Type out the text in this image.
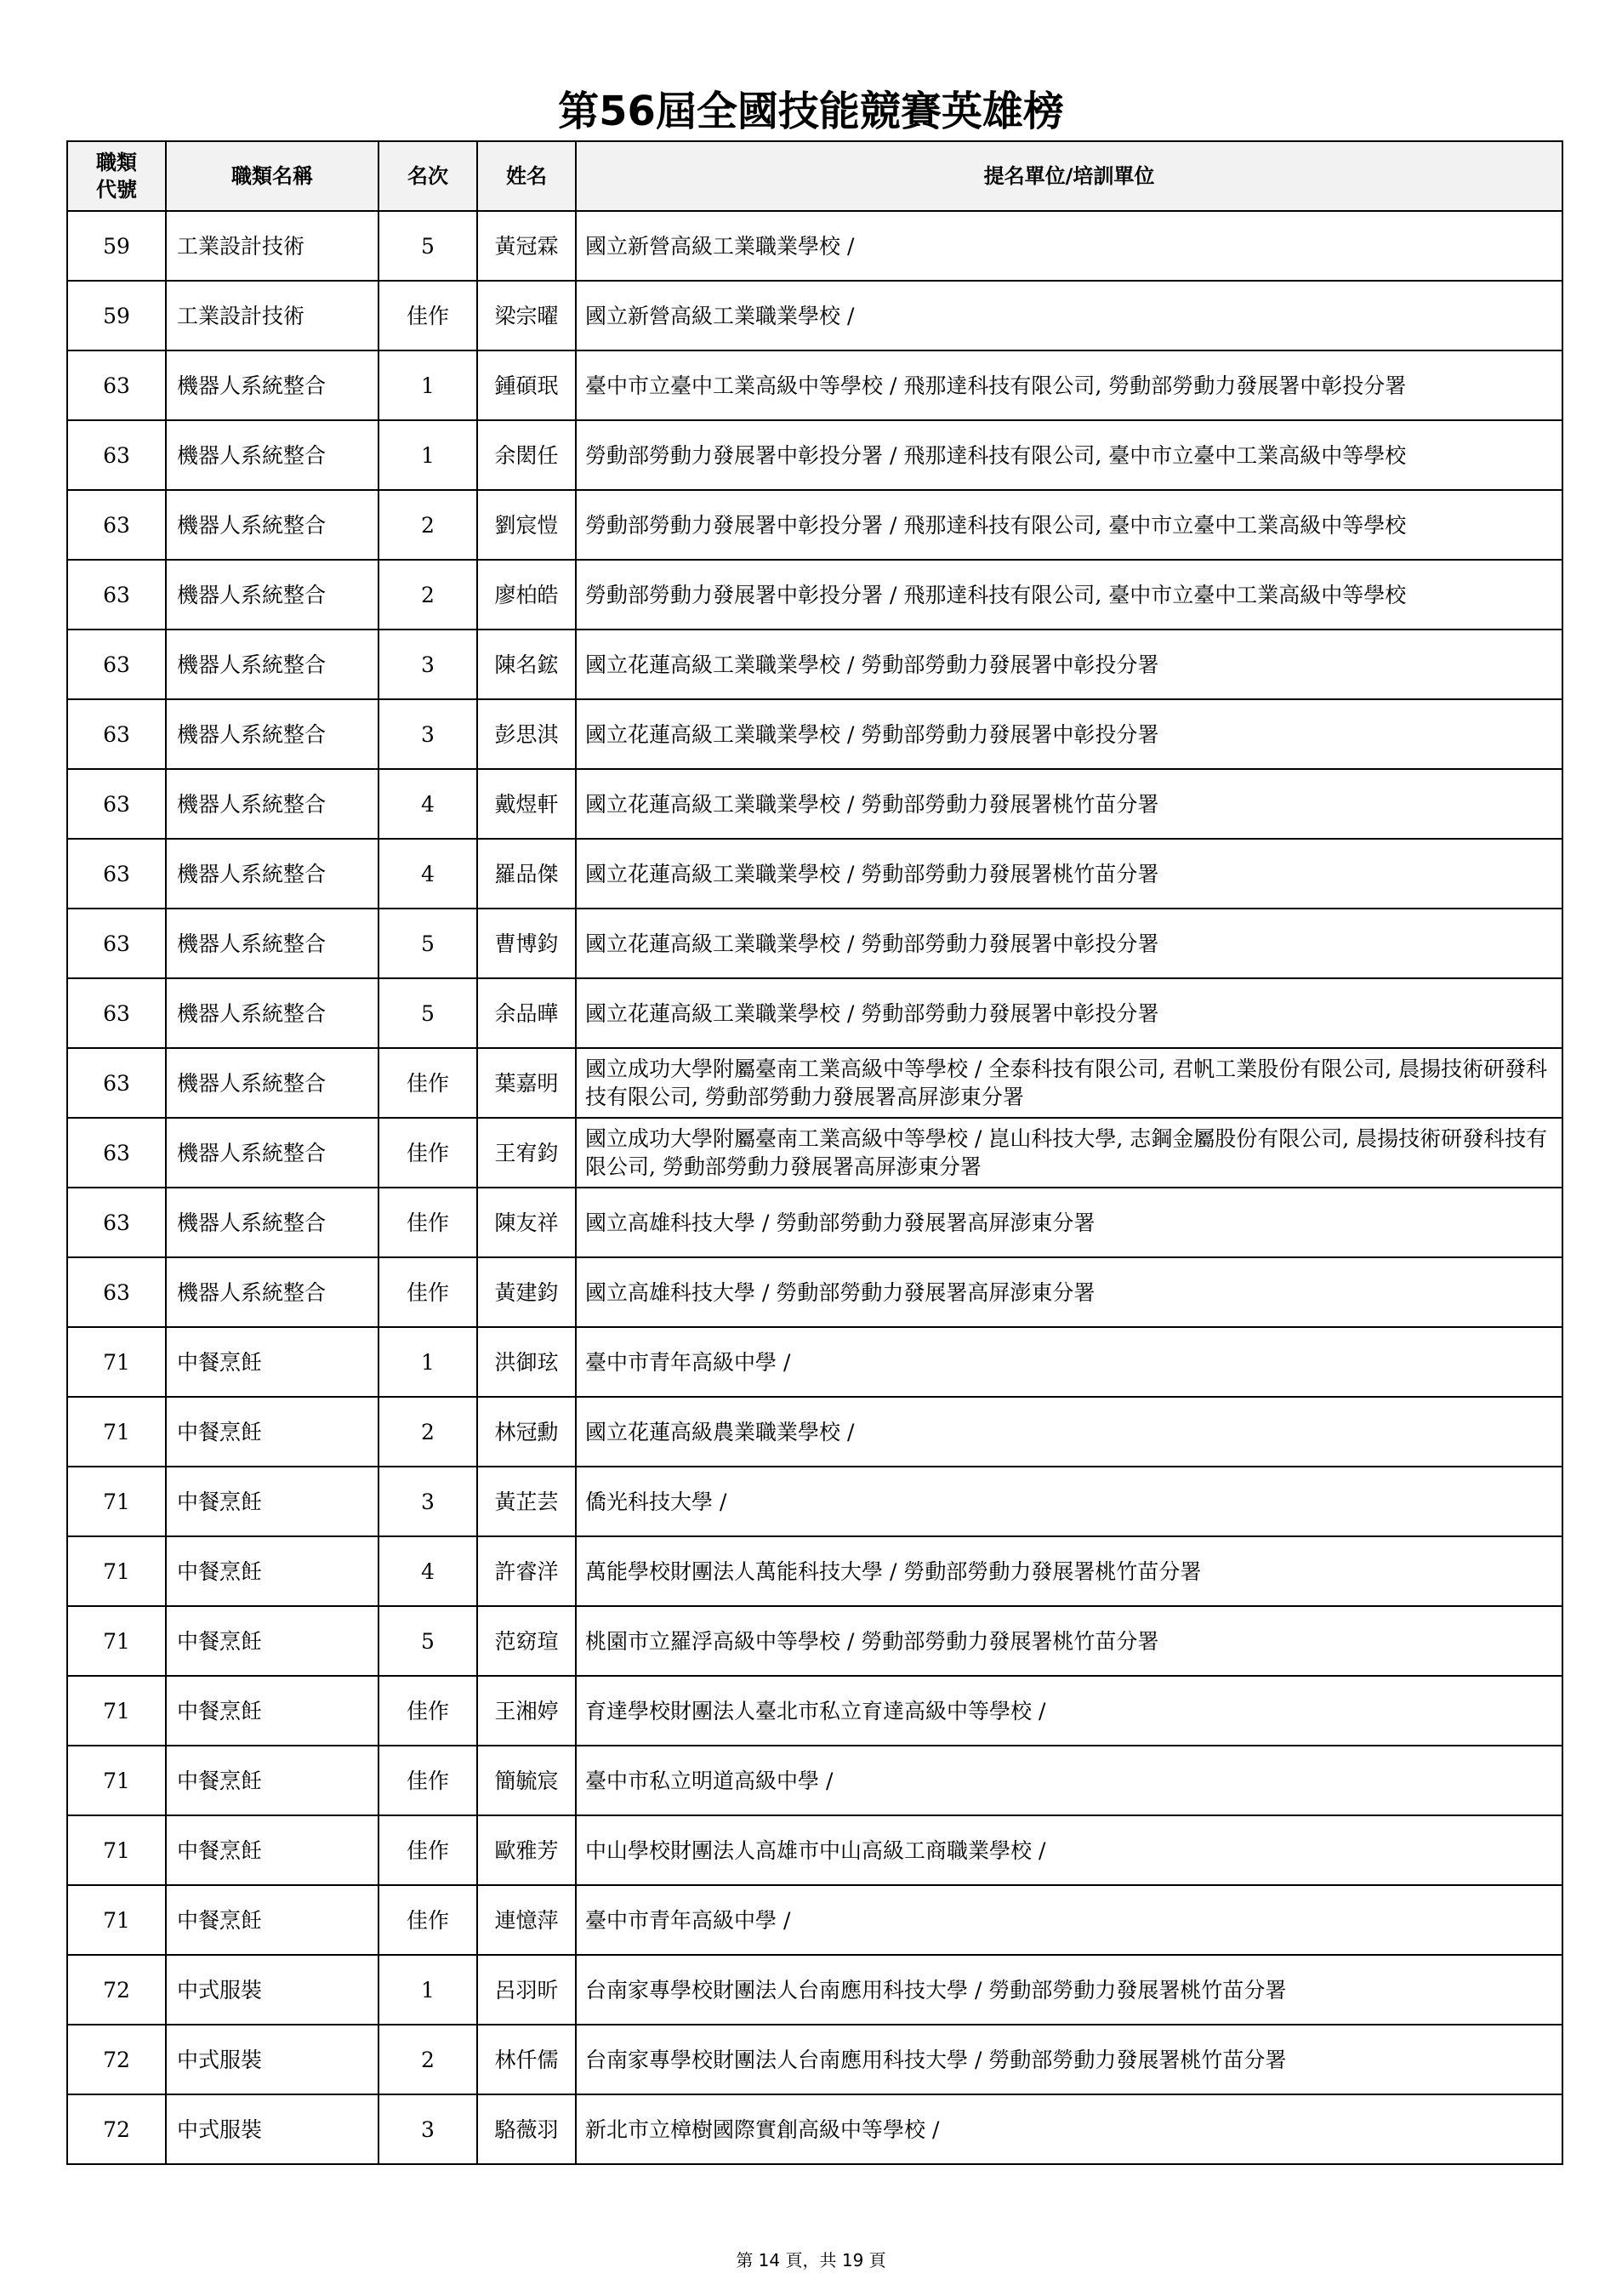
第56屆全國技能競賽英雄榜
職類
代號	職類名稱	名次	姓名	提名單位/培訓單位
59	工業設計技術	5	黃冠霖	國立新營高級工業職業學校 /
59	工業設計技術	佳作	梁宗曜	國立新營高級工業職業學校 /
63	機器人系統整合	1	鍾碩珉	臺中市立臺中工業高級中等學校 / 飛那達科技有限公司, 勞動部勞動力發展署中彰投分署
63	機器人系統整合	1	余閎任	勞動部勞動力發展署中彰投分署 / 飛那達科技有限公司, 臺中市立臺中工業高級中等學校
63	機器人系統整合	2	劉宸愷	勞動部勞動力發展署中彰投分署 / 飛那達科技有限公司, 臺中市立臺中工業高級中等學校
63	機器人系統整合	2	廖柏皓	勞動部勞動力發展署中彰投分署 / 飛那達科技有限公司, 臺中市立臺中工業高級中等學校
63	機器人系統整合	3	陳名鋐	國立花蓮高級工業職業學校 / 勞動部勞動力發展署中彰投分署
63	機器人系統整合	3	彭思淇	國立花蓮高級工業職業學校 / 勞動部勞動力發展署中彰投分署
63	機器人系統整合	4	戴煜軒	國立花蓮高級工業職業學校 / 勞動部勞動力發展署桃竹苗分署
63	機器人系統整合	4	羅品傑	國立花蓮高級工業職業學校 / 勞動部勞動力發展署桃竹苗分署
63	機器人系統整合	5	曹博鈞	國立花蓮高級工業職業學校 / 勞動部勞動力發展署中彰投分署
63	機器人系統整合	5	余品曄	國立花蓮高級工業職業學校 / 勞動部勞動力發展署中彰投分署
63	機器人系統整合	佳作	葉嘉明	國立成功大學附屬臺南工業高級中等學校 / 全泰科技有限公司, 君帆工業股份有限公司, 晨揚技術研發科技有限公司, 勞動部勞動力發展署高屏澎東分署
63	機器人系統整合	佳作	王宥鈞	國立成功大學附屬臺南工業高級中等學校 / 崑山科技大學, 志鋼金屬股份有限公司, 晨揚技術研發科技有限公司, 勞動部勞動力發展署高屏澎東分署
63	機器人系統整合	佳作	陳友祥	國立高雄科技大學 / 勞動部勞動力發展署高屏澎東分署
63	機器人系統整合	佳作	黃建鈞	國立高雄科技大學 / 勞動部勞動力發展署高屏澎東分署
71	中餐烹飪	1	洪御玹	臺中市青年高級中學 /
71	中餐烹飪	2	林冠勳	國立花蓮高級農業職業學校 /
71	中餐烹飪	3	黃芷芸	僑光科技大學 /
71	中餐烹飪	4	許睿洋	萬能學校財團法人萬能科技大學 / 勞動部勞動力發展署桃竹苗分署
71	中餐烹飪	5	范窈瑄	桃園市立羅浮高級中等學校 / 勞動部勞動力發展署桃竹苗分署
71	中餐烹飪	佳作	王湘婷	育達學校財團法人臺北市私立育達高級中等學校 /
71	中餐烹飪	佳作	簡毓宸	臺中市私立明道高級中學 /
71	中餐烹飪	佳作	歐雅芳	中山學校財團法人高雄市中山高級工商職業學校 /
71	中餐烹飪	佳作	連憶萍	臺中市青年高級中學 /
72	中式服裝	1	呂羽昕	台南家專學校財團法人台南應用科技大學 / 勞動部勞動力發展署桃竹苗分署
72	中式服裝	2	林仟儒	台南家專學校財團法人台南應用科技大學 / 勞動部勞動力發展署桃竹苗分署
72	中式服裝	3	駱薇羽	新北市立樟樹國際實創高級中等學校 /
第 14 頁，共 19 頁
